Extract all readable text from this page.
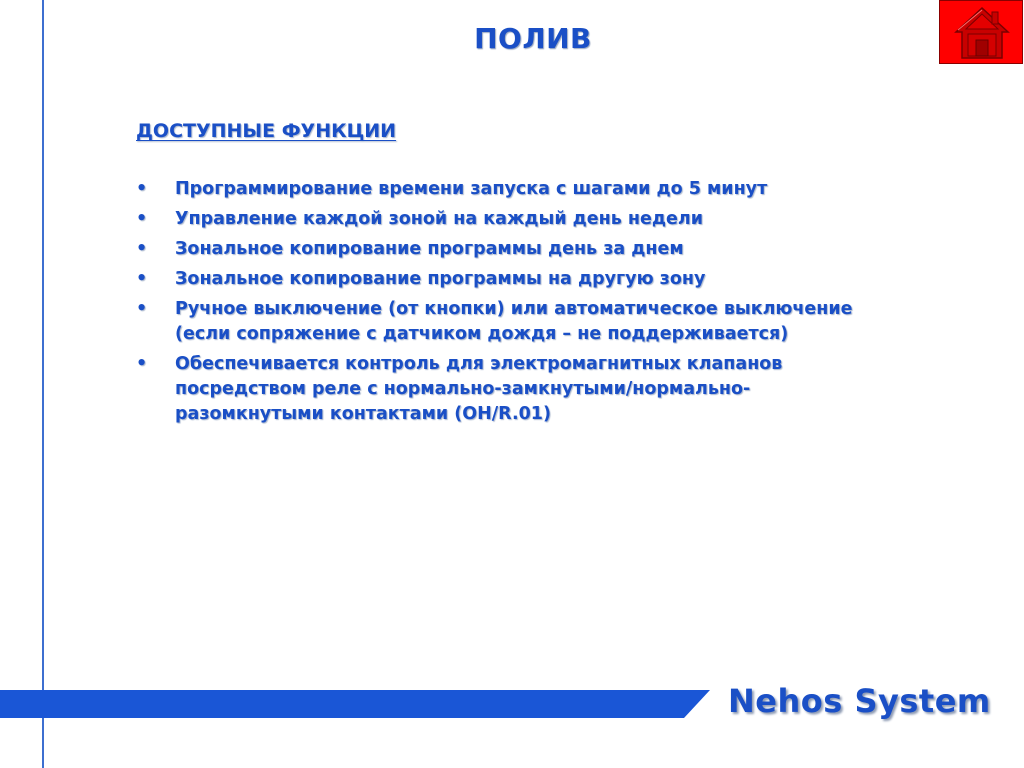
ПОЛИВ
ДОСТУПНЫЕ ФУНКЦИИ
• Программирование времени запуска с шагами до 5 минут
• Управление каждой зоной на каждый день недели
• Зональное копирование программы день за днем
• Зональное копирование программы на другую зону
• Ручное выключение (от кнопки) или автоматическое выключение (если сопряжение с датчиком дождя – не поддерживается)
• Обеспечивается контроль для электромагнитных клапанов посредством реле с нормально-замкнутыми/нормально-разомкнутыми контактами (OH/R.01)
Nehos System
